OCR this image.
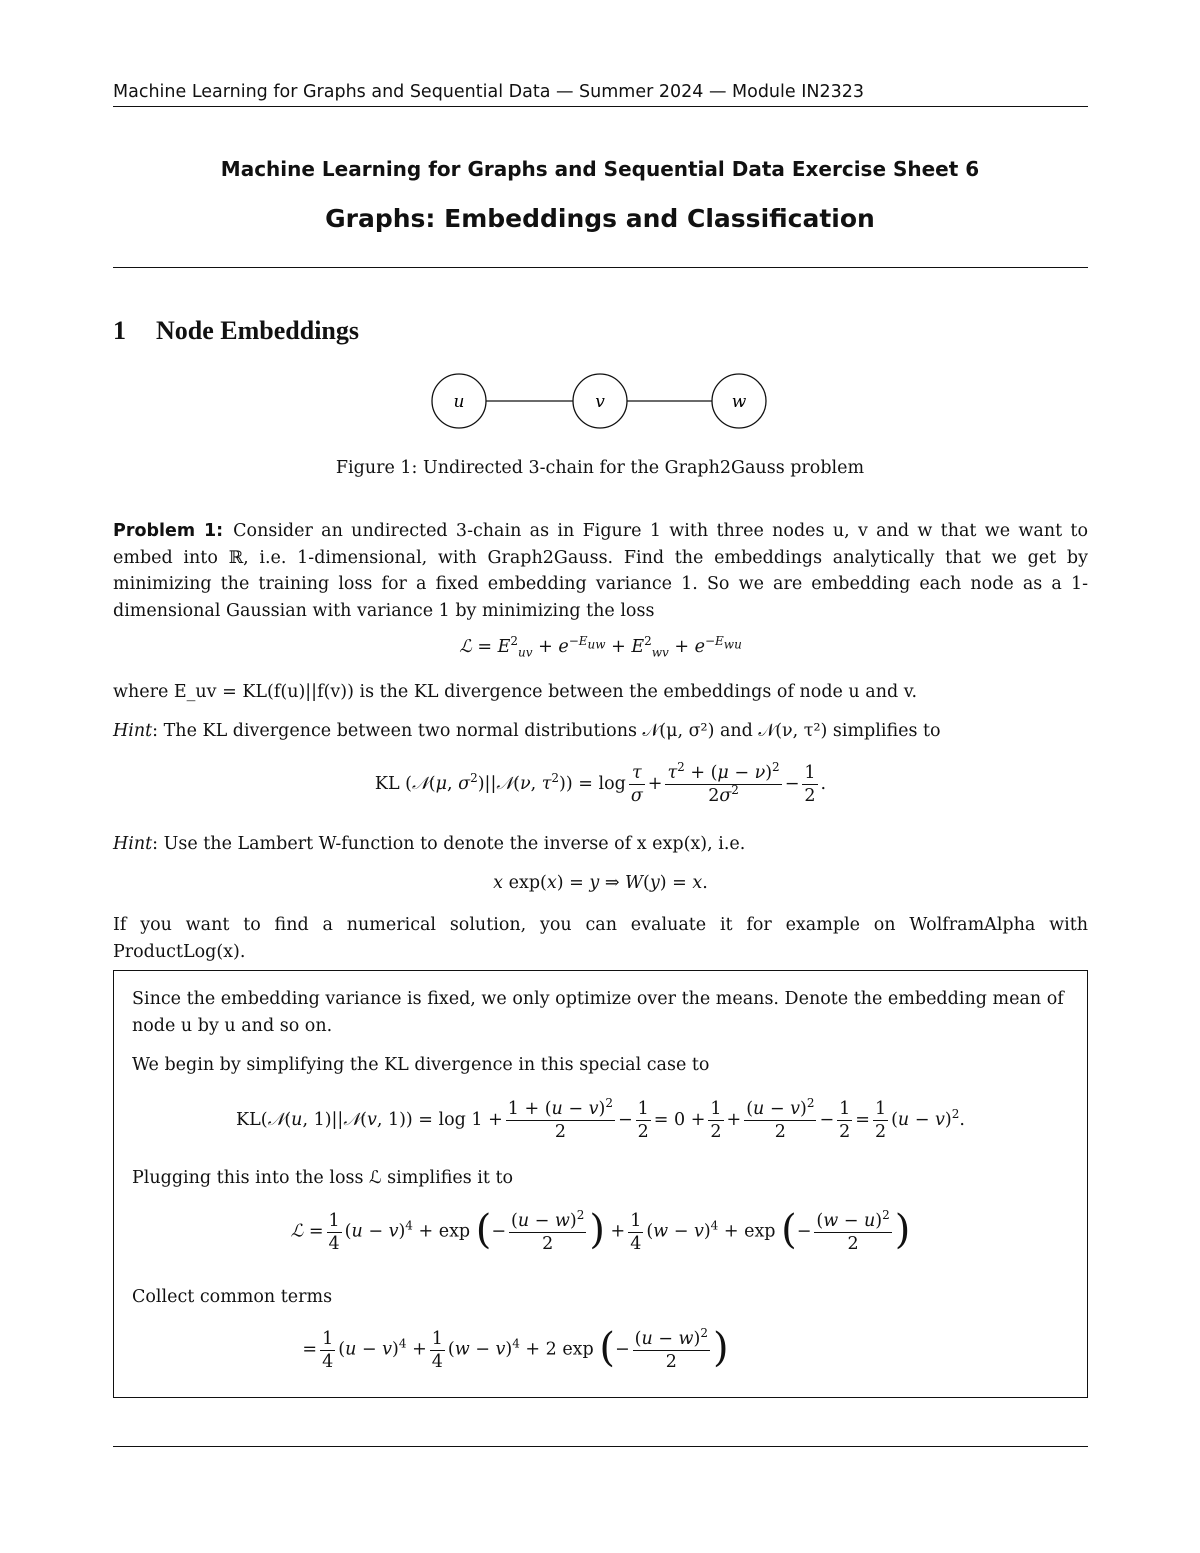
Machine Learning for Graphs and Sequential Data — Summer 2024 — Module IN2323
Machine Learning for Graphs and Sequential Data Exercise Sheet 6
Graphs: Embeddings and Classification
1 Node Embeddings
u	v	w
Figure 1: Undirected 3-chain for the Graph2Gauss problem
Problem 1: Consider an undirected 3-chain as in Figure 1 with three nodes u, v and w that we want to embed into ℝ, i.e. 1-dimensional, with Graph2Gauss. Find the embeddings analytically that we get by minimizing the training loss for a fixed embedding variance 1. So we are embedding each node as a 1-dimensional Gaussian with variance 1 by minimizing the loss
ℒ = $E^2_{uv} + e^{-E_{uw}} + E^2_{wv} + e^{-E_{wu}}$
where E_uv = KL(f(u)||f(v)) is the KL divergence between the embeddings of node u and v.
Hint: The KL divergence between two normal distributions 𝒩(μ, σ²) and 𝒩(ν, τ²) simplifies to
KL (𝒩(μ, $\sigma^2)||𝒩(\nu$, $\tau^2)) = \log \frac{\tau}{\sigma} + \frac{\tau^2 + (\mu - \nu)^2}{2\sigma^2} - \frac{1}{2}$ .
Hint: Use the Lambert W-function to denote the inverse of x exp(x), i.e.
x exp(x) = y ⇒ W(y) = x.
If you want to find a numerical solution, you can evaluate it for example on WolframAlpha with ProductLog(x).
Since the embedding variance is fixed, we only optimize over the means. Denote the embedding mean of node u by u and so on.
We begin by simplifying the KL divergence in this special case to
KL(𝒩(u, 1)||𝒩(v, $1)) = \log 1 + \frac{1 + (u - v)^2}{2} - \frac{1}{2} = 0 + \frac{1}{2} + \frac{(u - v)^2}{2} - \frac{1}{2} = \frac{1}{2} (u - v)^2$.
Plugging this into the loss ℒ simplifies it to
ℒ = $\frac{1}{4} (u - v)^4 + \exp$ (− $\frac{(u - w)^2}{2}$ ) + $\frac{1}{4} (w - v)^4 + \exp$ (− $\frac{(w - u)^2}{2}$ )
Collect common terms
= $\frac{1}{4} (u - v)^4 + \frac{1}{4} (w - v)^4 + 2$ exp (− $\frac{(u - w)^2}{2}$ )
